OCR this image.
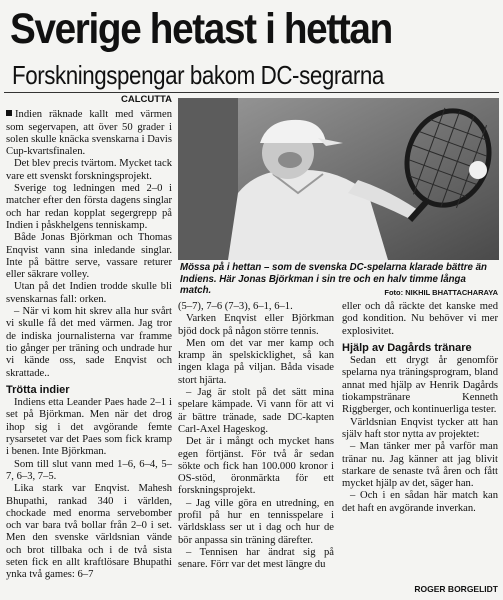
Sverige hetast i hettan
Forskningspengar bakom DC-segrarna
CALCUTTA

Indien räknade kallt med värmen som segervapen, att över 50 grader i solen skulle knäcka svenskarna i Davis Cup-kvartsfinalen.

Det blev precis tvärtom. Mycket tack vare ett svenskt forskningsprojekt.

Sverige tog ledningen med 2–0 i matcher efter den första dagens singlar och har redan kopplat segergrepp på Indien i påskhelgens tenniskamp.

Både Jonas Björkman och Thomas Enqvist vann sina inledande singlar. Inte på bättre serve, vassare returer eller säkrare volley.

Utan på det Indien trodde skulle bli svenskarnas fall: orken.

– När vi kom hit skrev alla hur svårt vi skulle få det med värmen. Jag tror de indiska journalisterna var framme tio gånger per träning och undrade hur vi kände oss, sade Enqvist och skrattade..

Trötta indier

Indiens etta Leander Paes hade 2–1 i set på Björkman. Men när det drog ihop sig i det avgörande femte rysarsetet var det Paes som fick kramp i benen. Inte Björkman.

Som till slut vann med 1–6, 6–4, 5–7, 6–3, 7–5.

Lika stark var Enqvist. Mahesh Bhupathi, rankad 340 i världen, chockade med enorma servebomber och var bara två bollar från 2–0 i set. Men den svenske världsnian vände och brot tillbaka och i de två sista seten fick en allt kraftlösare Bhupathi ynka två games: 6–7

Mössa på i hettan – som de svenska DC-spelarna klarade bättre än Indiens. Här Jonas Björkman i sin tre och en halv timme långa match.	Foto: NIKHIL BHATTACHARAYA

(5–7), 7–6 (7–3), 6–1, 6–1.

Varken Enqvist eller Björkman bjöd dock på någon större tennis.

Men om det var mer kamp och kramp än spelskicklighet, så kan ingen klaga på viljan. Båda visade stort hjärta.

– Jag är stolt på det sätt mina spelare kämpade. Vi vann för att vi är bättre tränade, sade DC-kapten Carl-Axel Hageskog.

Det är i mångt och mycket hans egen förtjänst. För två år sedan sökte och fick han 100.000 kronor i OS-stöd, öronmärkta för ett forskningsprojekt.

– Jag ville göra en utredning, en profil på hur en tennisspelare i världsklass ser ut i dag och hur de bör anpassa sin träning därefter.

– Tennisen har ändrat sig på senare. Förr var det mest längre du

eller och då räckte det kanske med god kondition. Nu behöver vi mer explosivitet.

Hjälp av Dagårds tränare

Sedan ett drygt år genomför spelarna nya träningsprogram, bland annat med hjälp av Henrik Dagårds tiokampstränare Kenneth Riggberger, och kontinuerliga tester.

Världsnian Enqvist tycker att han själv haft stor nytta av projektet:

– Man tänker mer på varför man tränar nu. Jag känner att jag blivit starkare de senaste två åren och fått mycket hjälp av det, säger han.

– Och i en sådan här match kan det haft en avgörande inverkan.

ROGER BORGELIDT
